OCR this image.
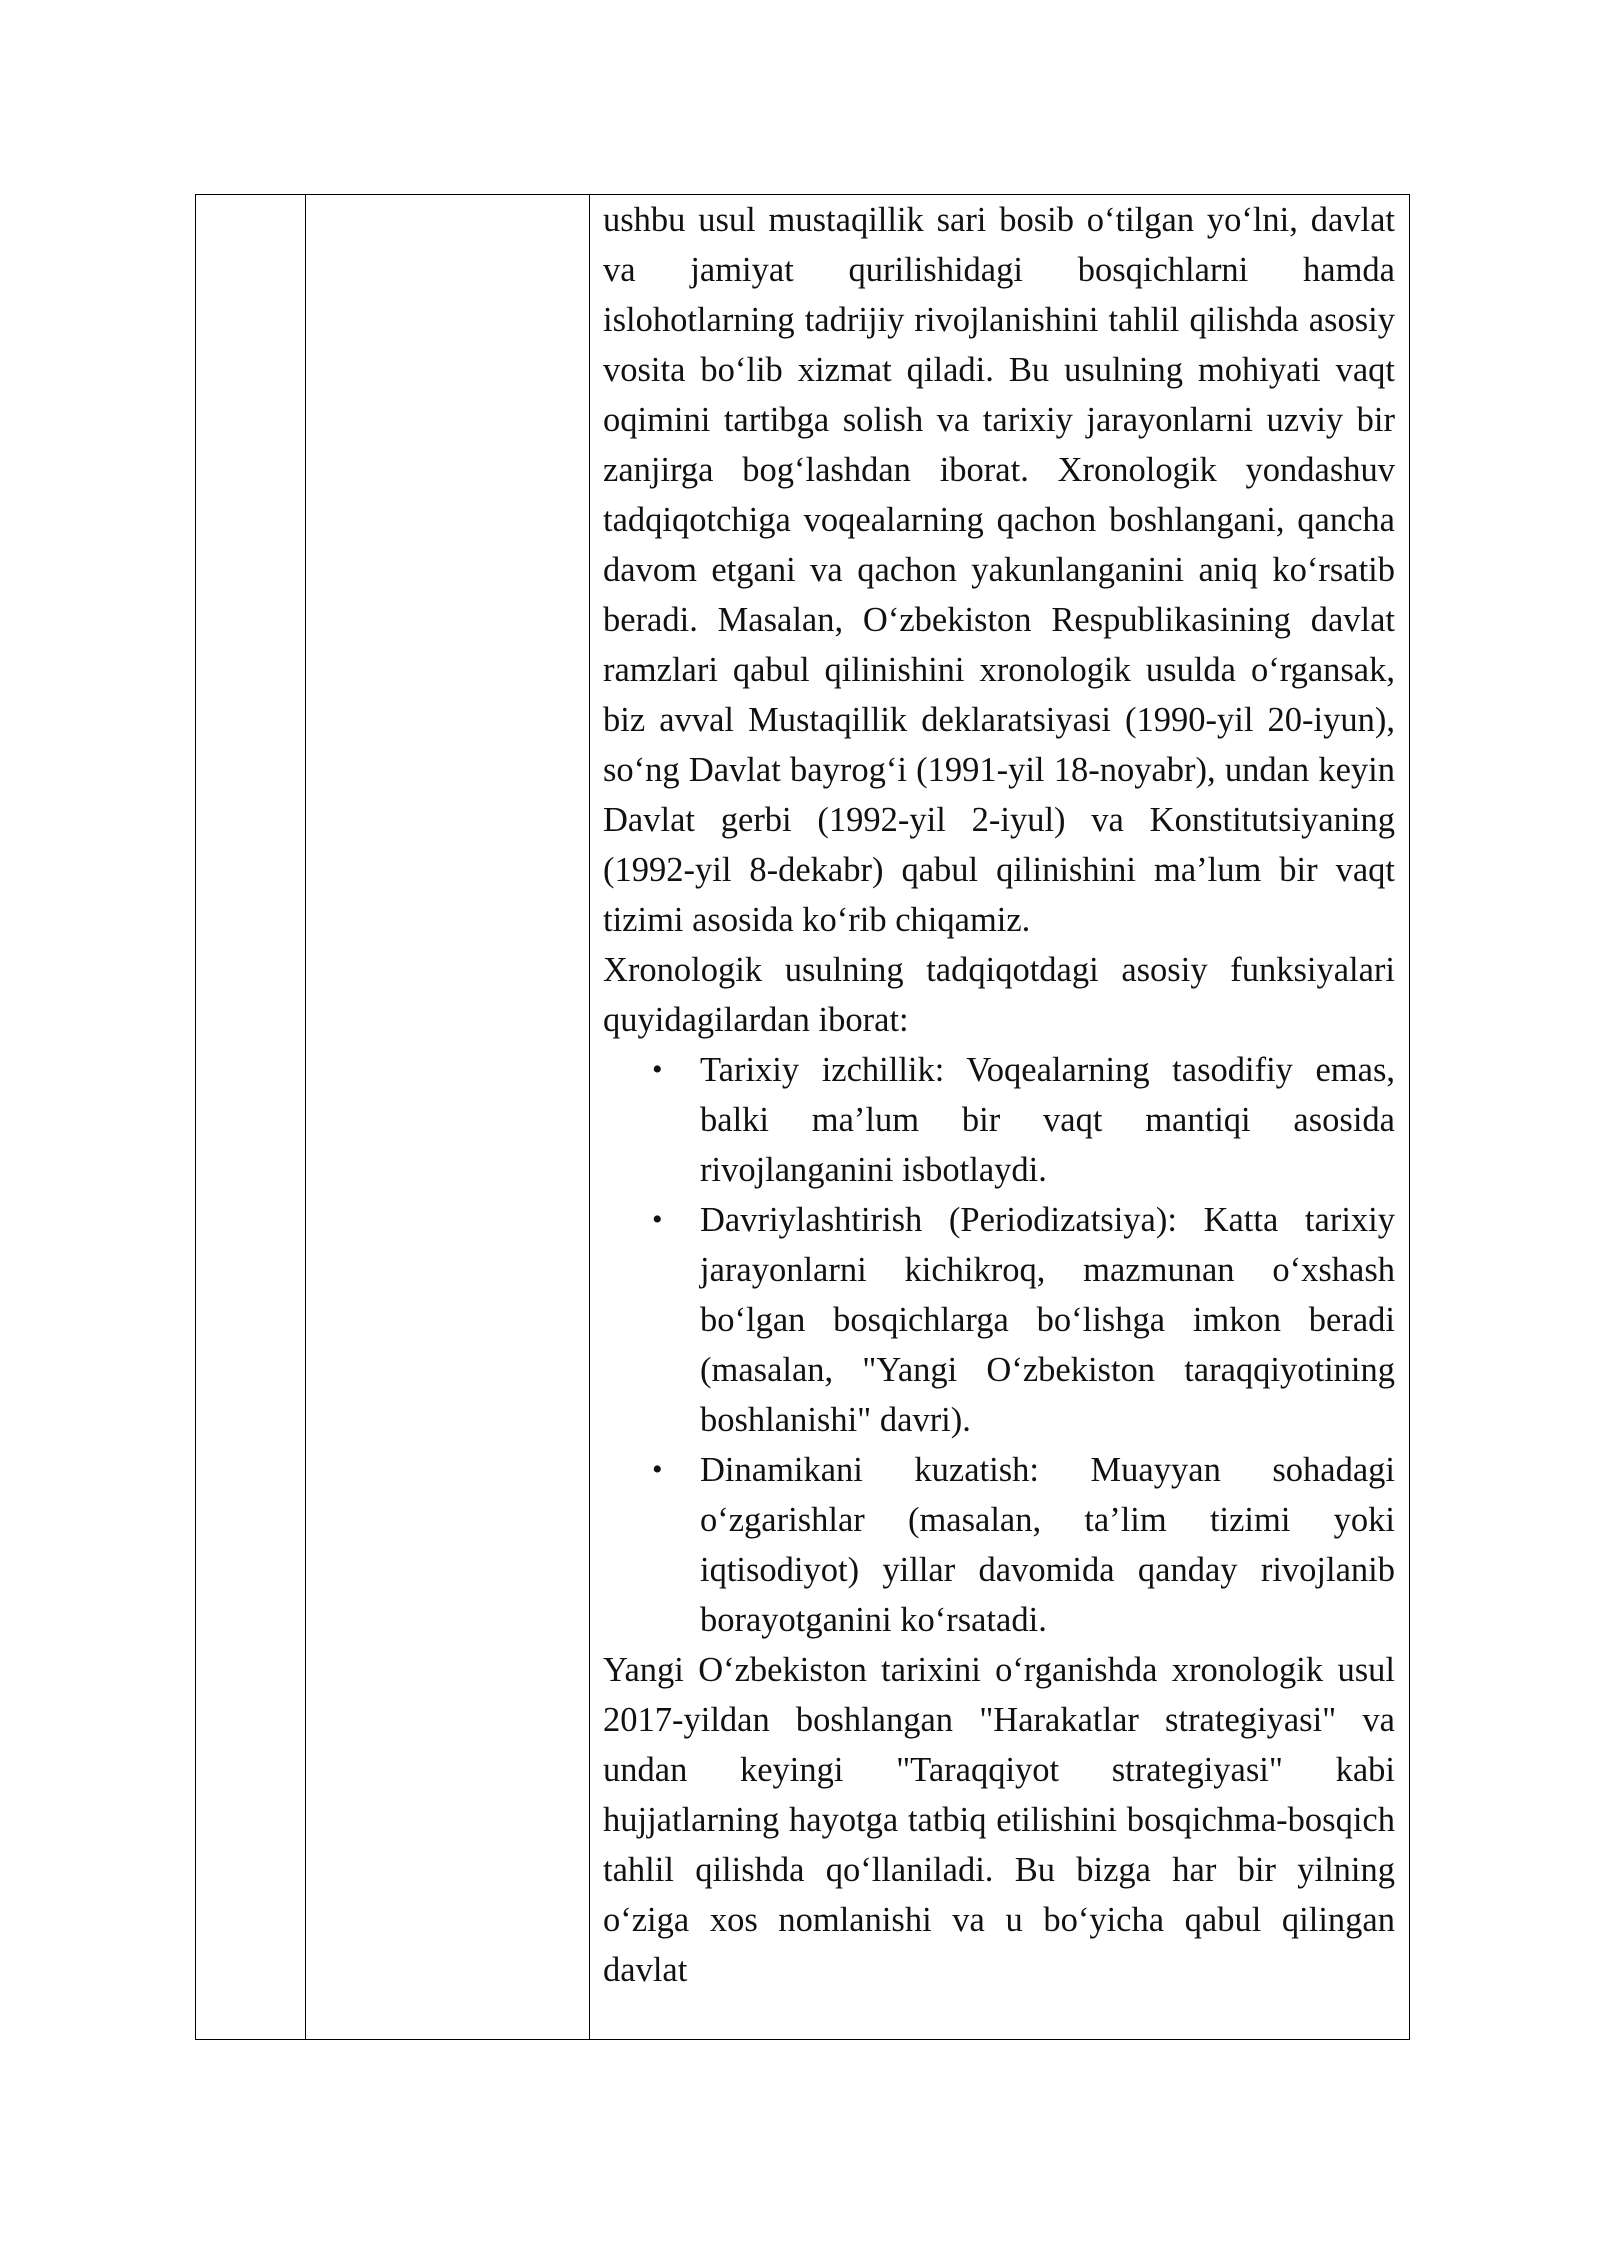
ushbu usul mustaqillik sari bosib o‘tilgan yo‘lni, davlat va jamiyat qurilishidagi bosqichlarni hamda islohotlarning tadrijiy rivojlanishini tahlil qilishda asosiy vosita bo‘lib xizmat qiladi. Bu usulning mohiyati vaqt oqimini tartibga solish va tarixiy jarayonlarni uzviy bir zanjirga bog‘lashdan iborat. Xronologik yondashuv tadqiqotchiga voqealarning qachon boshlangani, qancha davom etgani va qachon yakunlanganini aniq ko‘rsatib beradi. Masalan, O‘zbekiston Respublikasining davlat ramzlari qabul qilinishini xronologik usulda o‘rgansak, biz avval Mustaqillik deklaratsiyasi (1990-yil 20-iyun), so‘ng Davlat bayrog‘i (1991-yil 18-noyabr), undan keyin Davlat gerbi (1992-yil 2-iyul) va Konstitutsiyaning (1992-yil 8-dekabr) qabul qilinishini ma’lum bir vaqt tizimi asosida ko‘rib chiqamiz.

Xronologik usulning tadqiqotdagi asosiy funksiyalari quyidagilardan iborat:

• Tarixiy izchillik: Voqealarning tasodifiy emas, balki ma’lum bir vaqt mantiqi asosida rivojlanganini isbotlaydi.
• Davriylashtirish (Periodizatsiya): Katta tarixiy jarayonlarni kichikroq, mazmunan o‘xshash bo‘lgan bosqichlarga bo‘lishga imkon beradi (masalan, "Yangi O‘zbekiston taraqqiyotining boshlanishi" davri).
• Dinamikani kuzatish: Muayyan sohadagi o‘zgarishlar (masalan, ta’lim tizimi yoki iqtisodiyot) yillar davomida qanday rivojlanib borayotganini ko‘rsatadi.

Yangi O‘zbekiston tarixini o‘rganishda xronologik usul 2017-yildan boshlangan "Harakatlar strategiyasi" va undan keyingi "Taraqqiyot strategiyasi" kabi hujjatlarning hayotga tatbiq etilishini bosqichma-bosqich tahlil qilishda qo‘llaniladi. Bu bizga har bir yilning o‘ziga xos nomlanishi va u bo‘yicha qabul qilingan davlat
